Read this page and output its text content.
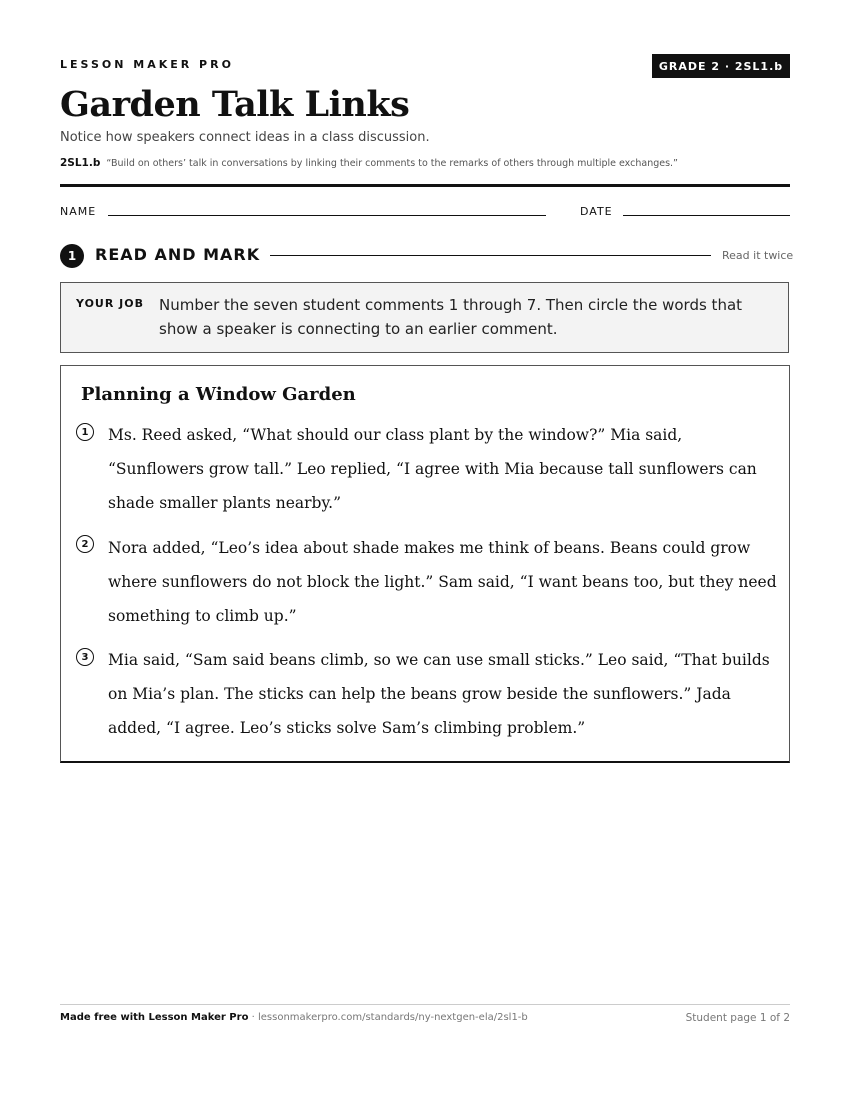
LESSON MAKER PRO	GRADE 2 · 2SL1.b
Garden Talk Links
Notice how speakers connect ideas in a class discussion.
2SL1.b “Build on others’ talk in conversations by linking their comments to the remarks of others through multiple exchanges.”
NAME	DATE
1	READ AND MARK	Read it twice
YOUR JOB Number the seven student comments 1 through 7. Then circle the words that show a speaker is connecting to an earlier comment.
Planning a Window Garden
1	Ms. Reed asked, “What should our class plant by the window?” Mia said, “Sunflowers grow tall.” Leo replied, “I agree with Mia because tall sunflowers can shade smaller plants nearby.”
2	Nora added, “Leo’s idea about shade makes me think of beans. Beans could grow where sunflowers do not block the light.” Sam said, “I want beans too, but they need something to climb up.”
3	Mia said, “Sam said beans climb, so we can use small sticks.” Leo said, “That builds on Mia’s plan. The sticks can help the beans grow beside the sunflowers.” Jada added, “I agree. Leo’s sticks solve Sam’s climbing problem.”
Made free with Lesson Maker Pro · lessonmakerpro.com/standards/ny-nextgen-ela/2sl1-b	Student page 1 of 2
